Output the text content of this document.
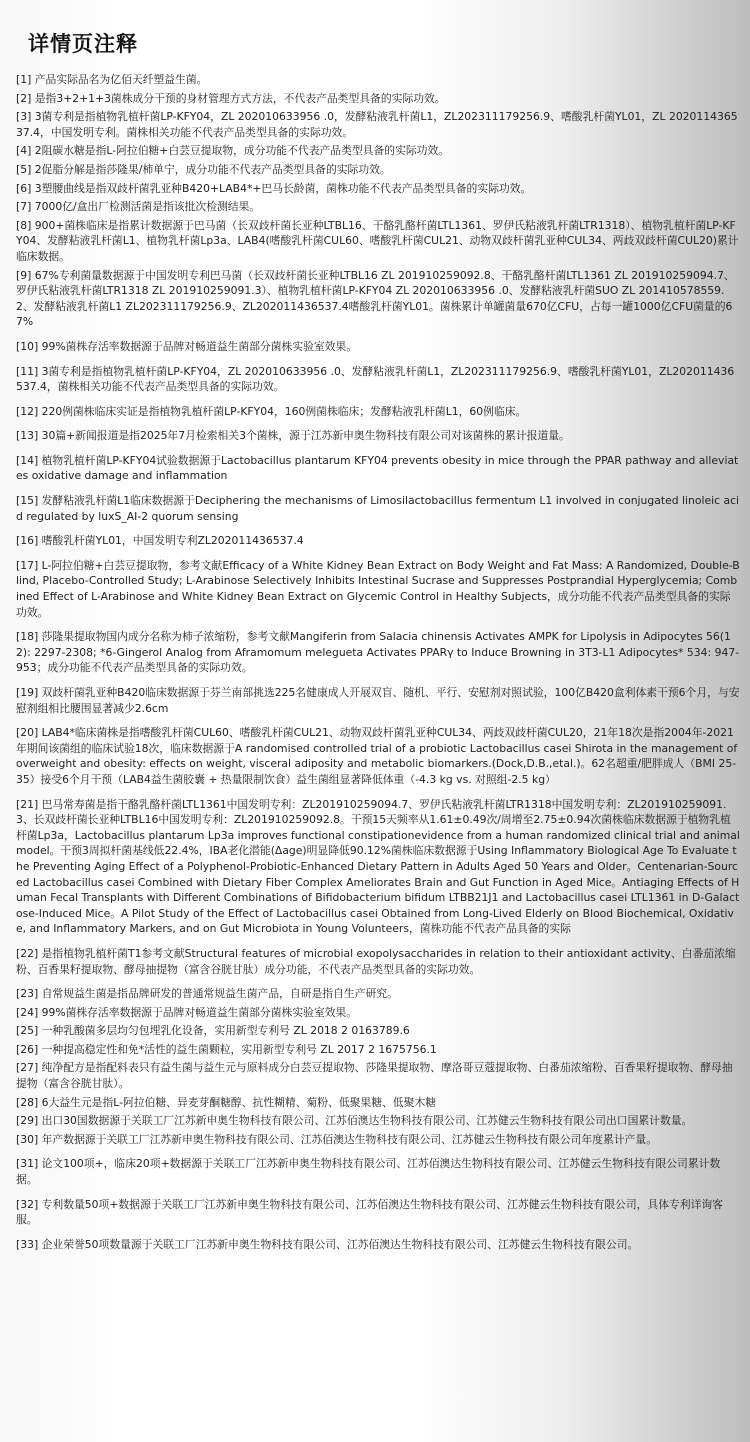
详情页注释
[1] 产品实际品名为亿佰天纤塑益生菌。
[2] 是指3+2+1+3菌株成分干预的身材管理方式方法，不代表产品类型具备的实际功效。
[3] 3菌专利是指植物乳植杆菌LP-KFY04，ZL 202010633956 .0，发酵粘液乳杆菌L1，ZL202311179256.9、嗜酸乳杆菌YL01，ZL 202011436537.4，中国发明专利。菌株相关功能不代表产品类型具备的实际功效。
[4] 2阻碳水糖是指L-阿拉伯糖+白芸豆提取物，成分功能不代表产品类型具备的实际功效。
[5] 2促脂分解是指莎隆果/柿单宁，成分功能不代表产品类型具备的实际功效。
[6] 3塑腰曲线是指双歧杆菌乳亚种B420+LAB4*+巴马长龄菌，菌株功能不代表产品类型具备的实际功效。
[7] 7000亿/盒出厂检测活菌是指该批次检测结果。
[8] 900+菌株临床是指累计数据源于巴马菌（长双歧杆菌长亚种LTBL16、干酪乳酪杆菌LTL1361、罗伊氏粘液乳杆菌LTR1318）、植物乳植杆菌LP-KFY04、发酵粘液乳杆菌L1、植物乳杆菌Lp3a、LAB4(嗜酸乳杆菌CUL60、嗜酸乳杆菌CUL21、动物双歧杆菌乳亚种CUL34、两歧双歧杆菌CUL20)累计临床数据。
[9] 67%专利菌量数据源于中国发明专利巴马菌（长双歧杆菌长亚种LTBL16 ZL 201910259092.8、干酪乳酪杆菌LTL1361 ZL 201910259094.7、罗伊氏粘液乳杆菌LTR1318 ZL 201910259091.3）、植物乳植杆菌LP-KFY04 ZL 202010633956 .0、发酵粘液乳杆菌SUO ZL 201410578559.2、发酵粘液乳杆菌L1 ZL202311179256.9、ZL202011436537.4嗜酸乳杆菌YL01。菌株累计单罐菌量670亿CFU，占每一罐1000亿CFU菌量的67%
[10] 99%菌株存活率数据源于品牌对畅道益生菌部分菌株实验室效果。
[11] 3菌专利是指植物乳植杆菌LP-KFY04，ZL 202010633956 .0、发酵粘液乳杆菌L1，ZL202311179256.9、嗜酸乳杆菌YL01，ZL202011436537.4，菌株相关功能不代表产品类型具备的实际功效。
[12] 220例菌株临床实证是指植物乳植杆菌LP-KFY04，160例菌株临床；发酵粘液乳杆菌L1，60例临床。
[13] 30篇+新闻报道是指2025年7月检索相关3个菌株，源于江苏新申奥生物科技有限公司对该菌株的累计报道量。
[14] 植物乳植杆菌LP-KFY04试验数据源于Lactobacillus plantarum KFY04 prevents obesity in mice through the PPAR pathway and alleviates oxidative damage and inflammation
[15] 发酵粘液乳杆菌L1临床数据源于Deciphering the mechanisms of Limosilactobacillus fermentum L1 involved in conjugated linoleic acid regulated by luxS_AI-2 quorum sensing
[16] 嗜酸乳杆菌YL01，中国发明专利ZL202011436537.4
[17] L-阿拉伯糖+白芸豆提取物，参考文献Efficacy of a White Kidney Bean Extract on Body Weight and Fat Mass: A Randomized, Double-Blind, Placebo-Controlled Study; L-Arabinose Selectively Inhibits Intestinal Sucrase and Suppresses Postprandial Hyperglycemia; Combined Effect of L-Arabinose and White Kidney Bean Extract on Glycemic Control in Healthy Subjects，成分功能不代表产品类型具备的实际功效。
[18] 莎隆果提取物国内成分名称为柿子浓缩粉，参考文献Mangiferin from Salacia chinensis Activates AMPK for Lipolysis in Adipocytes 56(12): 2297-2308; *6-Gingerol Analog from Aframomum melegueta Activates PPARγ to Induce Browning in 3T3-L1 Adipocytes* 534: 947-953；成分功能不代表产品类型具备的实际功效。
[19] 双歧杆菌乳亚种B420临床数据源于芬兰南部挑选225名健康成人开展双盲、随机、平行、安慰剂对照试验，100亿B420盒利体素干预6个月，与安慰剂组相比腰围显著减少2.6cm
[20] LAB4*临床菌株是指嗜酸乳杆菌CUL60、嗜酸乳杆菌CUL21、动物双歧杆菌乳亚种CUL34、两歧双歧杆菌CUL20，21年18次是指2004年-2021年期间该菌组的临床试验18次，临床数据源于A randomised controlled trial of a probiotic Lactobacillus casei Shirota in the management of overweight and obesity: effects on weight, visceral adiposity and metabolic biomarkers.(Dock,D.B.,etal.)。62名超重/肥胖成人（BMI 25-35）接受6个月干预（LAB4益生菌胶囊 + 热量限制饮食）益生菌组显著降低体重（-4.3 kg vs. 对照组-2.5 kg）
[21] 巴马常寿菌是指干酪乳酪杆菌LTL1361中国发明专利：ZL201910259094.7、罗伊氏粘液乳杆菌LTR1318中国发明专利：ZL201910259091.3、长双歧杆菌长亚种LTBL16中国发明专利：ZL201910259092.8。干预15天频率从1.61±0.49次/周增至2.75±0.94次菌株临床数据源于植物乳植杆菌Lp3a，Lactobacillus plantarum Lp3a improves functional constipationevidence from a human randomized clinical trial and animal model。干预3周拟杆菌基线低22.4%，IBA老化潜能(Δage)明显降低90.12%菌株临床数据源于Using Inflammatory Biological Age To Evaluate the Preventing Aging Effect of a Polyphenol-Probiotic-Enhanced Dietary Pattern in Adults Aged 50 Years and Older。Centenarian-Sourced Lactobacillus casei Combined with Dietary Fiber Complex Ameliorates Brain and Gut Function in Aged Mice。Antiaging Effects of Human Fecal Transplants with Different Combinations of Bifidobacterium bifidum LTBB21J1 and Lactobacillus casei LTL1361 in D-Galactose-Induced Mice。A Pilot Study of the Effect of Lactobacillus casei Obtained from Long-Lived Elderly on Blood Biochemical, Oxidative, and Inflammatory Markers, and on Gut Microbiota in Young Volunteers，菌株功能不代表产品具备的实际
[22] 是指植物乳植杆菌T1参考文献Structural features of microbial exopolysaccharides in relation to their antioxidant activity、白番茄浓缩粉、百香果籽提取物、酵母抽提物（富含谷胱甘肽）成分功能，不代表产品类型具备的实际功效。
[23] 自常规益生菌是指品牌研发的普通常规益生菌产品，自研是指自生产研究。
[24] 99%菌株存活率数据源于品牌对畅道益生菌部分菌株实验室效果。
[25] 一种乳酸菌多层均匀包埋乳化设备，实用新型专利号 ZL 2018 2 0163789.6
[26] 一种提高稳定性和免*活性的益生菌颗粒，实用新型专利号 ZL 2017 2 1675756.1
[27] 纯净配方是指配料表只有益生菌与益生元与原料成分白芸豆提取物、莎隆果提取物、摩洛哥豆蔻提取物、白番茄浓缩粉、百香果籽提取物、酵母抽提物（富含谷胱甘肽）。
[28] 6大益生元是指L-阿拉伯糖、异麦芽酮糖醇、抗性糊精、菊粉、低聚果糖、低聚木糖
[29] 出口30国数据源于关联工厂江苏新申奥生物科技有限公司、江苏佰澳达生物科技有限公司、江苏健云生物科技有限公司出口国累计数量。
[30] 年产数据源于关联工厂江苏新申奥生物科技有限公司、江苏佰澳达生物科技有限公司、江苏健云生物科技有限公司年度累计产量。
[31] 论文100项+，临床20项+数据源于关联工厂江苏新申奥生物科技有限公司、江苏佰澳达生物科技有限公司、江苏健云生物科技有限公司累计数据。
[32] 专利数量50项+数据源于关联工厂江苏新申奥生物科技有限公司、江苏佰澳达生物科技有限公司、江苏健云生物科技有限公司，具体专利详询客服。
[33] 企业荣誉50项数量源于关联工厂江苏新申奥生物科技有限公司、江苏佰澳达生物科技有限公司、江苏健云生物科技有限公司。
